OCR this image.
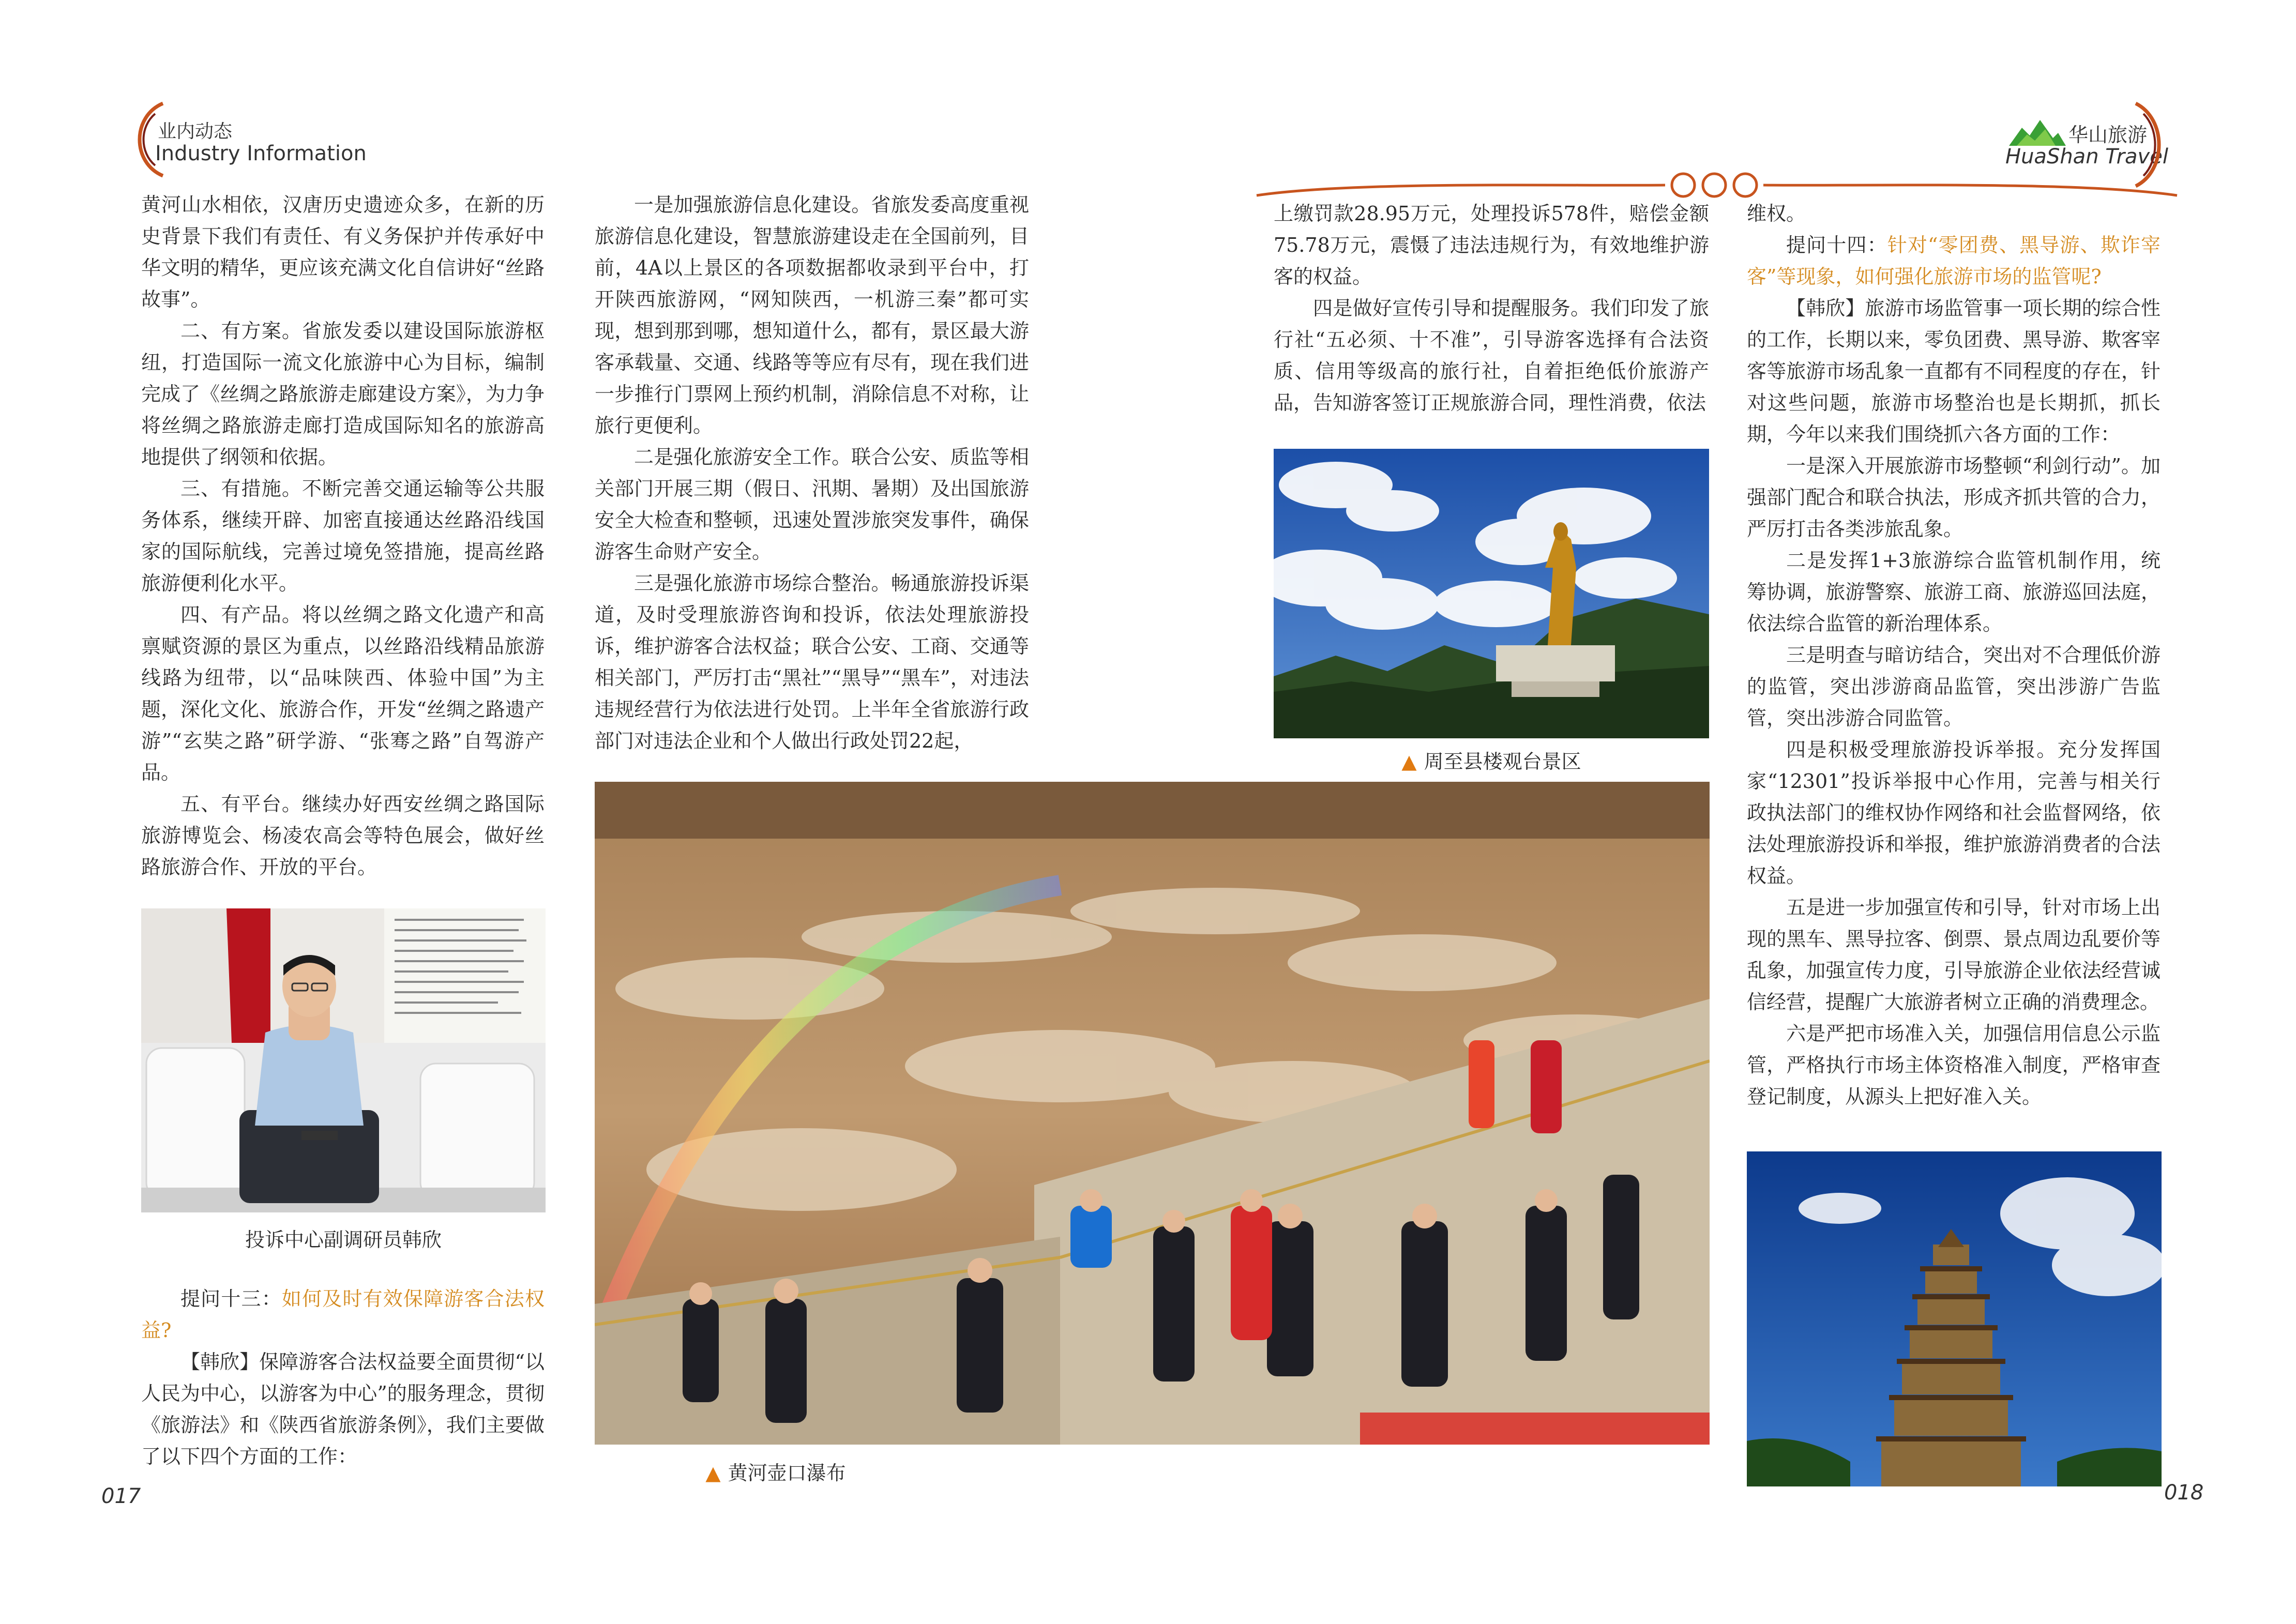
业内动态
Industry Information
华山旅游
HuaShan Travel

黄河山水相依，汉唐历史遗迹众多，在新的历史背景下我们有责任、有义务保护并传承好中华文明的精华，更应该充满文化自信讲好“丝路故事”。

二、有方案。省旅发委以建设国际旅游枢纽，打造国际一流文化旅游中心为目标，编制完成了《丝绸之路旅游走廊建设方案》，为力争将丝绸之路旅游走廊打造成国际知名的旅游高地提供了纲领和依据。

三、有措施。不断完善交通运输等公共服务体系，继续开辟、加密直接通达丝路沿线国家的国际航线，完善过境免签措施，提高丝路旅游便利化水平。

四、有产品。将以丝绸之路文化遗产和高禀赋资源的景区为重点，以丝路沿线精品旅游线路为纽带，以“品味陕西、体验中国”为主题，深化文化、旅游合作，开发“丝绸之路遗产游”“玄奘之路”研学游、“张骞之路”自驾游产品。

五、有平台。继续办好西安丝绸之路国际旅游博览会、杨凌农高会等特色展会，做好丝路旅游合作、开放的平台。

投诉中心副调研员韩欣

提问十三：如何及时有效保障游客合法权益?

【韩欣】保障游客合法权益要全面贯彻“以人民为中心，以游客为中心”的服务理念，贯彻《旅游法》和《陕西省旅游条例》，我们主要做了以下四个方面的工作：

一是加强旅游信息化建设。省旅发委高度重视旅游信息化建设，智慧旅游建设走在全国前列，目前，4A以上景区的各项数据都收录到平台中，打开陕西旅游网，“网知陕西，一机游三秦”都可实现，想到那到哪，想知道什么，都有，景区最大游客承载量、交通、线路等等应有尽有，现在我们进一步推行门票网上预约机制，消除信息不对称，让旅行更便利。

二是强化旅游安全工作。联合公安、质监等相关部门开展三期（假日、汛期、暑期）及出国旅游安全大检查和整顿，迅速处置涉旅突发事件，确保游客生命财产安全。

三是强化旅游市场综合整治。畅通旅游投诉渠道，及时受理旅游咨询和投诉，依法处理旅游投诉，维护游客合法权益；联合公安、工商、交通等相关部门，严厉打击“黑社”“黑导”“黑车”，对违法违规经营行为依法进行处罚。上半年全省旅游行政部门对违法企业和个人做出行政处罚22起，

上缴罚款28.95万元，处理投诉578件，赔偿金额75.78万元，震慑了违法违规行为，有效地维护游客的权益。

四是做好宣传引导和提醒服务。我们印发了旅行社“五必须、十不准”，引导游客选择有合法资质、信用等级高的旅行社，自着拒绝低价旅游产品，告知游客签订正规旅游合同，理性消费，依法

▲ 周至县楼观台景区
▲ 黄河壶口瀑布

维权。

提问十四：针对“零团费、黑导游、欺诈宰客”等现象，如何强化旅游市场的监管呢?

【韩欣】旅游市场监管事一项长期的综合性的工作，长期以来，零负团费、黑导游、欺客宰客等旅游市场乱象一直都有不同程度的存在，针对这些问题，旅游市场整治也是长期抓，抓长期，今年以来我们围绕抓六各方面的工作：

一是深入开展旅游市场整顿“利剑行动”。加强部门配合和联合执法，形成齐抓共管的合力，严厉打击各类涉旅乱象。

二是发挥1+3旅游综合监管机制作用，统筹协调，旅游警察、旅游工商、旅游巡回法庭，依法综合监管的新治理体系。

三是明查与暗访结合，突出对不合理低价游的监管，突出涉游商品监管，突出涉游广告监管，突出涉游合同监管。

四是积极受理旅游投诉举报。充分发挥国家“12301”投诉举报中心作用，完善与相关行政执法部门的维权协作网络和社会监督网络，依法处理旅游投诉和举报，维护旅游消费者的合法权益。

五是进一步加强宣传和引导，针对市场上出现的黑车、黑导拉客、倒票、景点周边乱要价等乱象，加强宣传力度，引导旅游企业依法经营诚信经营，提醒广大旅游者树立正确的消费理念。

六是严把市场准入关，加强信用信息公示监管，严格执行市场主体资格准入制度，严格审查登记制度，从源头上把好准入关。

017	018
